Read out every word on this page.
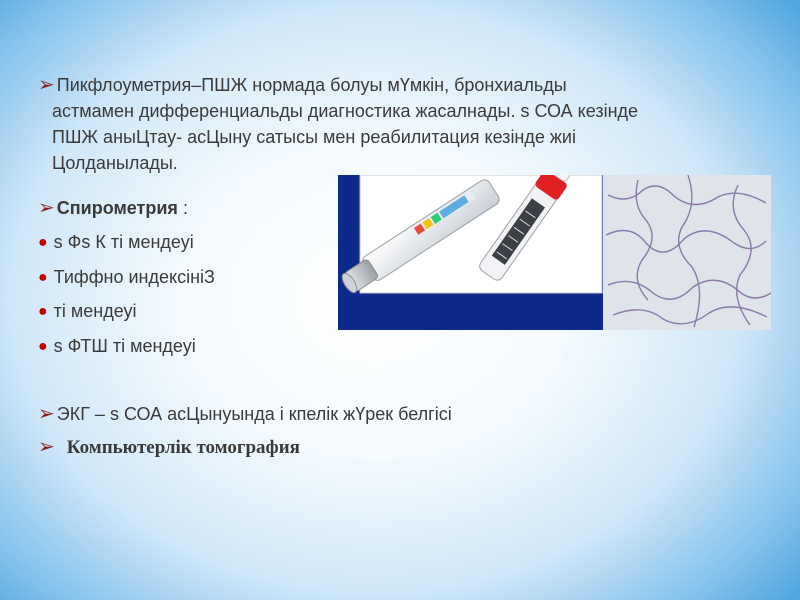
➢ Пикфлоуметрия–ПШЖ нормада болуы мҮмкін, бронхиальды
астмамен дифференциальды диагностика жасалнады. s СОА кезінде
ПШЖ аныЦтау- асЦыну сатысы мен реабилитация кезінде жиі
Цолданылады.
➢ Спирометрия :
● s Фs К ті мендеуі
● Тиффно индексініЗ
● ті мендеуі
● s ФТШ ті мендеуі
➢ ЭКГ – s СОА асЦынуында і кпелік жҮрек белгісі
➢ Компьютерлік томография
